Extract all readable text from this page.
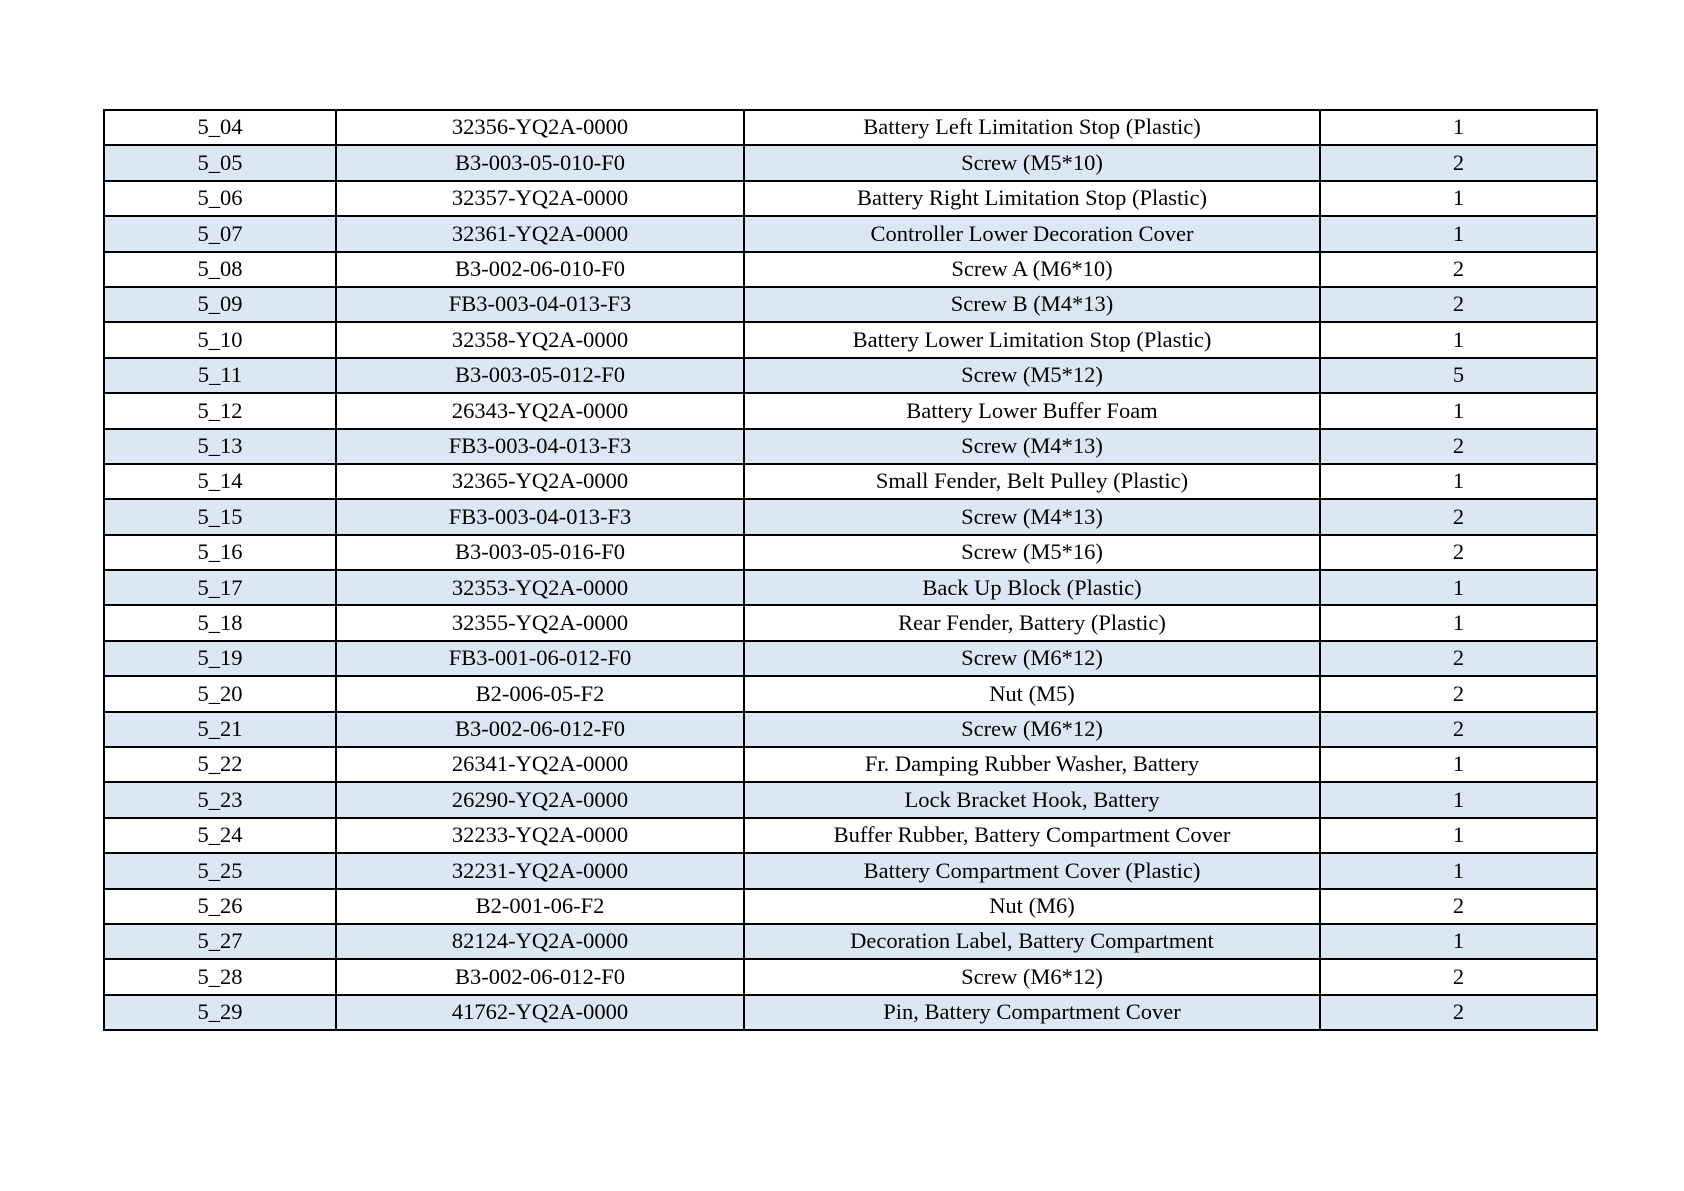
5_04	32356-YQ2A-0000	Battery Left Limitation Stop (Plastic)	1
5_05	B3-003-05-010-F0	Screw (M5*10)	2
5_06	32357-YQ2A-0000	Battery Right Limitation Stop (Plastic)	1
5_07	32361-YQ2A-0000	Controller Lower Decoration Cover	1
5_08	B3-002-06-010-F0	Screw A (M6*10)	2
5_09	FB3-003-04-013-F3	Screw B (M4*13)	2
5_10	32358-YQ2A-0000	Battery Lower Limitation Stop (Plastic)	1
5_11	B3-003-05-012-F0	Screw (M5*12)	5
5_12	26343-YQ2A-0000	Battery Lower Buffer Foam	1
5_13	FB3-003-04-013-F3	Screw (M4*13)	2
5_14	32365-YQ2A-0000	Small Fender, Belt Pulley (Plastic)	1
5_15	FB3-003-04-013-F3	Screw (M4*13)	2
5_16	B3-003-05-016-F0	Screw (M5*16)	2
5_17	32353-YQ2A-0000	Back Up Block (Plastic)	1
5_18	32355-YQ2A-0000	Rear Fender, Battery (Plastic)	1
5_19	FB3-001-06-012-F0	Screw (M6*12)	2
5_20	B2-006-05-F2	Nut (M5)	2
5_21	B3-002-06-012-F0	Screw (M6*12)	2
5_22	26341-YQ2A-0000	Fr. Damping Rubber Washer, Battery	1
5_23	26290-YQ2A-0000	Lock Bracket Hook, Battery	1
5_24	32233-YQ2A-0000	Buffer Rubber, Battery Compartment Cover	1
5_25	32231-YQ2A-0000	Battery Compartment Cover (Plastic)	1
5_26	B2-001-06-F2	Nut (M6)	2
5_27	82124-YQ2A-0000	Decoration Label, Battery Compartment	1
5_28	B3-002-06-012-F0	Screw (M6*12)	2
5_29	41762-YQ2A-0000	Pin, Battery Compartment Cover	2
